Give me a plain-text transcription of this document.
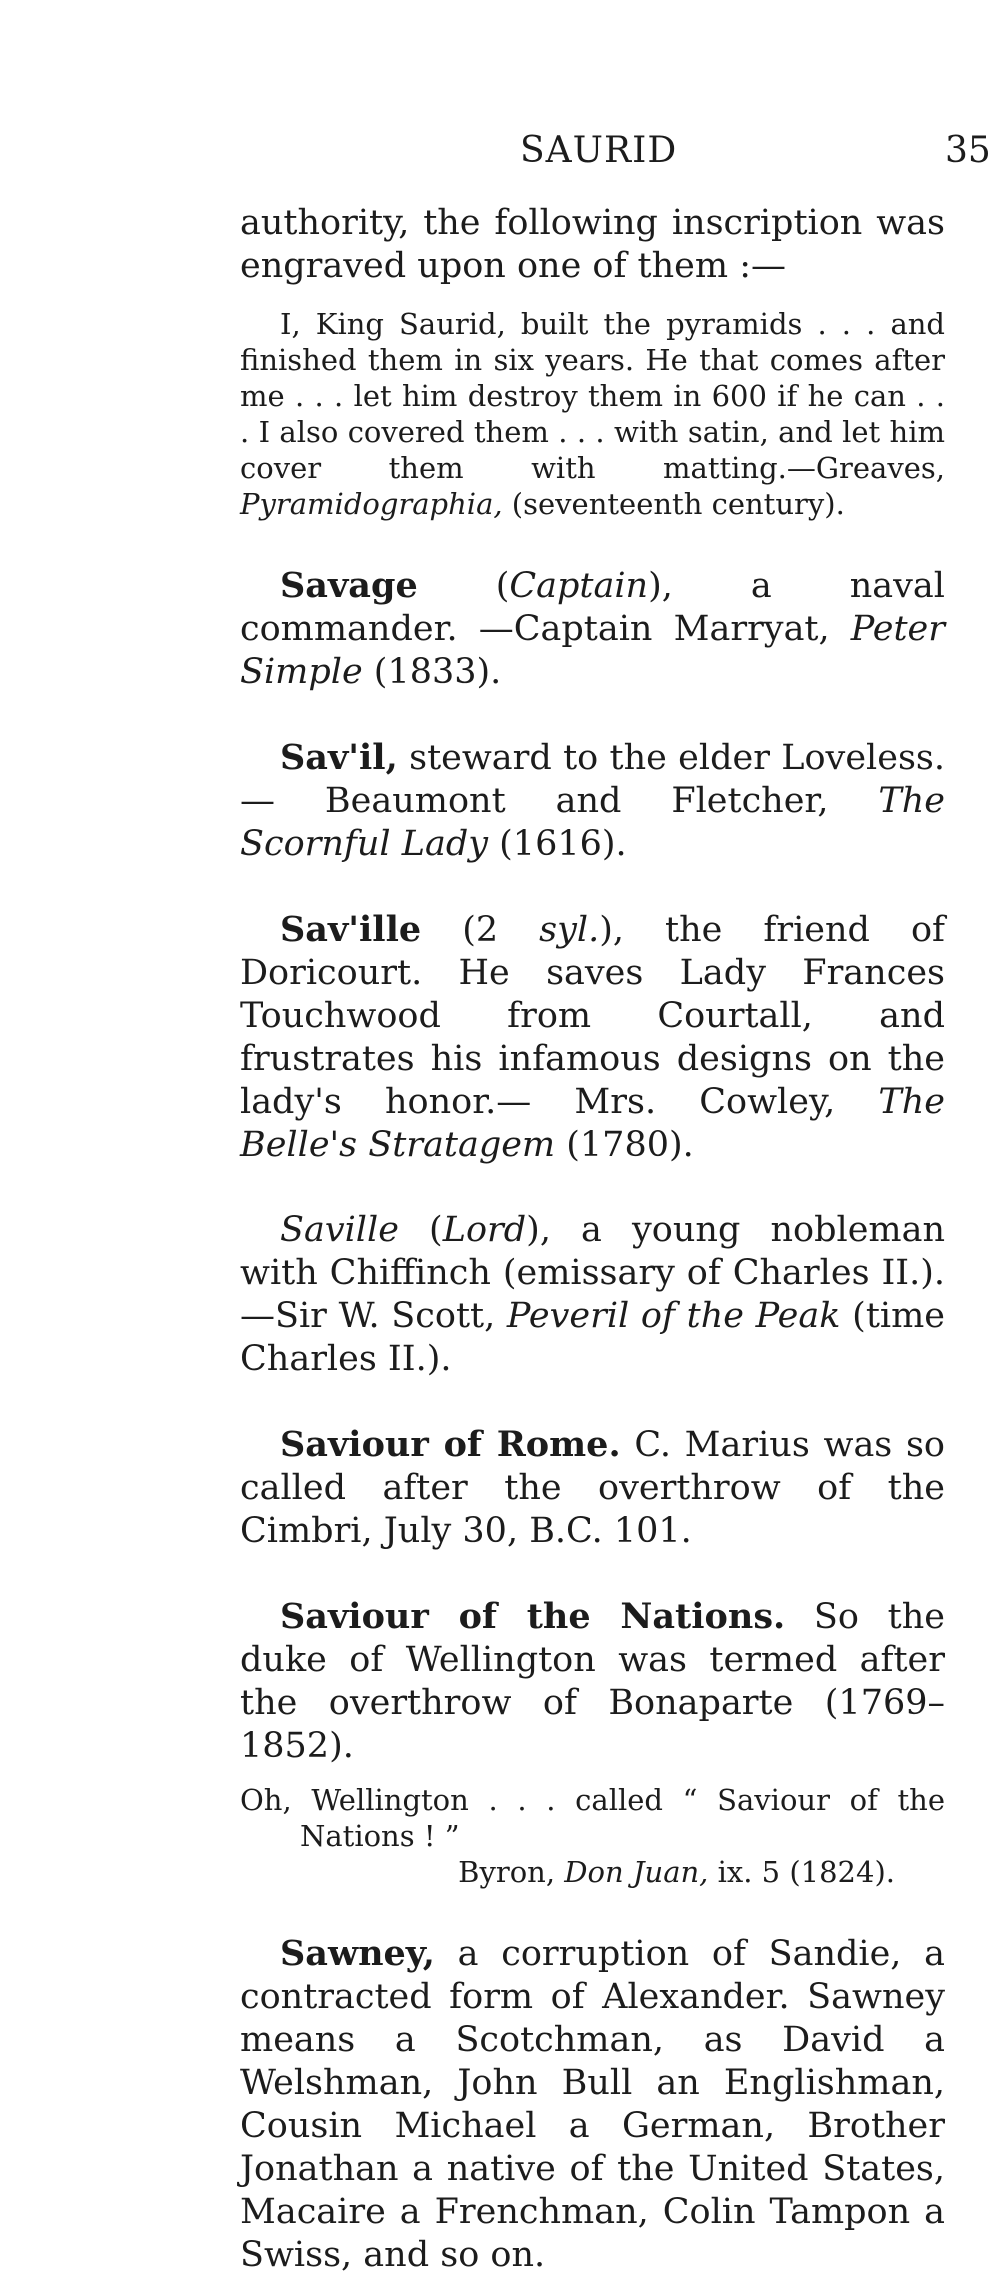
SAURID	35

authority, the following inscription was engraved upon one of them :—

I, King Saurid, built the pyramids . . . and finished them in six years. He that comes after me . . . let him destroy them in 600 if he can . . . I also covered them . . . with satin, and let him cover them with matting.—Greaves, Pyramidographia, (seventeenth century).

Savage (Captain), a naval commander. —Captain Marryat, Peter Simple (1833).

Sav'il, steward to the elder Loveless.— Beaumont and Fletcher, The Scornful Lady (1616).

Sav'ille (2 syl.), the friend of Doricourt. He saves Lady Frances Touchwood from Courtall, and frustrates his infamous designs on the lady's honor.— Mrs. Cowley, The Belle's Stratagem (1780).

Saville (Lord), a young nobleman with Chiffinch (emissary of Charles II.).—Sir W. Scott, Peveril of the Peak (time Charles II.).

Saviour of Rome. C. Marius was so called after the overthrow of the Cimbri, July 30, B.C. 101.

Saviour of the Nations. So the duke of Wellington was termed after the overthrow of Bonaparte (1769–1852).

Oh, Wellington . . . called “ Saviour of the Nations ! ”

Byron, Don Juan, ix. 5 (1824).

Sawney, a corruption of Sandie, a contracted form of Alexander. Sawney means a Scotchman, as David a Welshman, John Bull an Englishman, Cousin Michael a German, Brother Jonathan a native of the United States, Macaire a Frenchman, Colin Tampon a Swiss, and so on.
